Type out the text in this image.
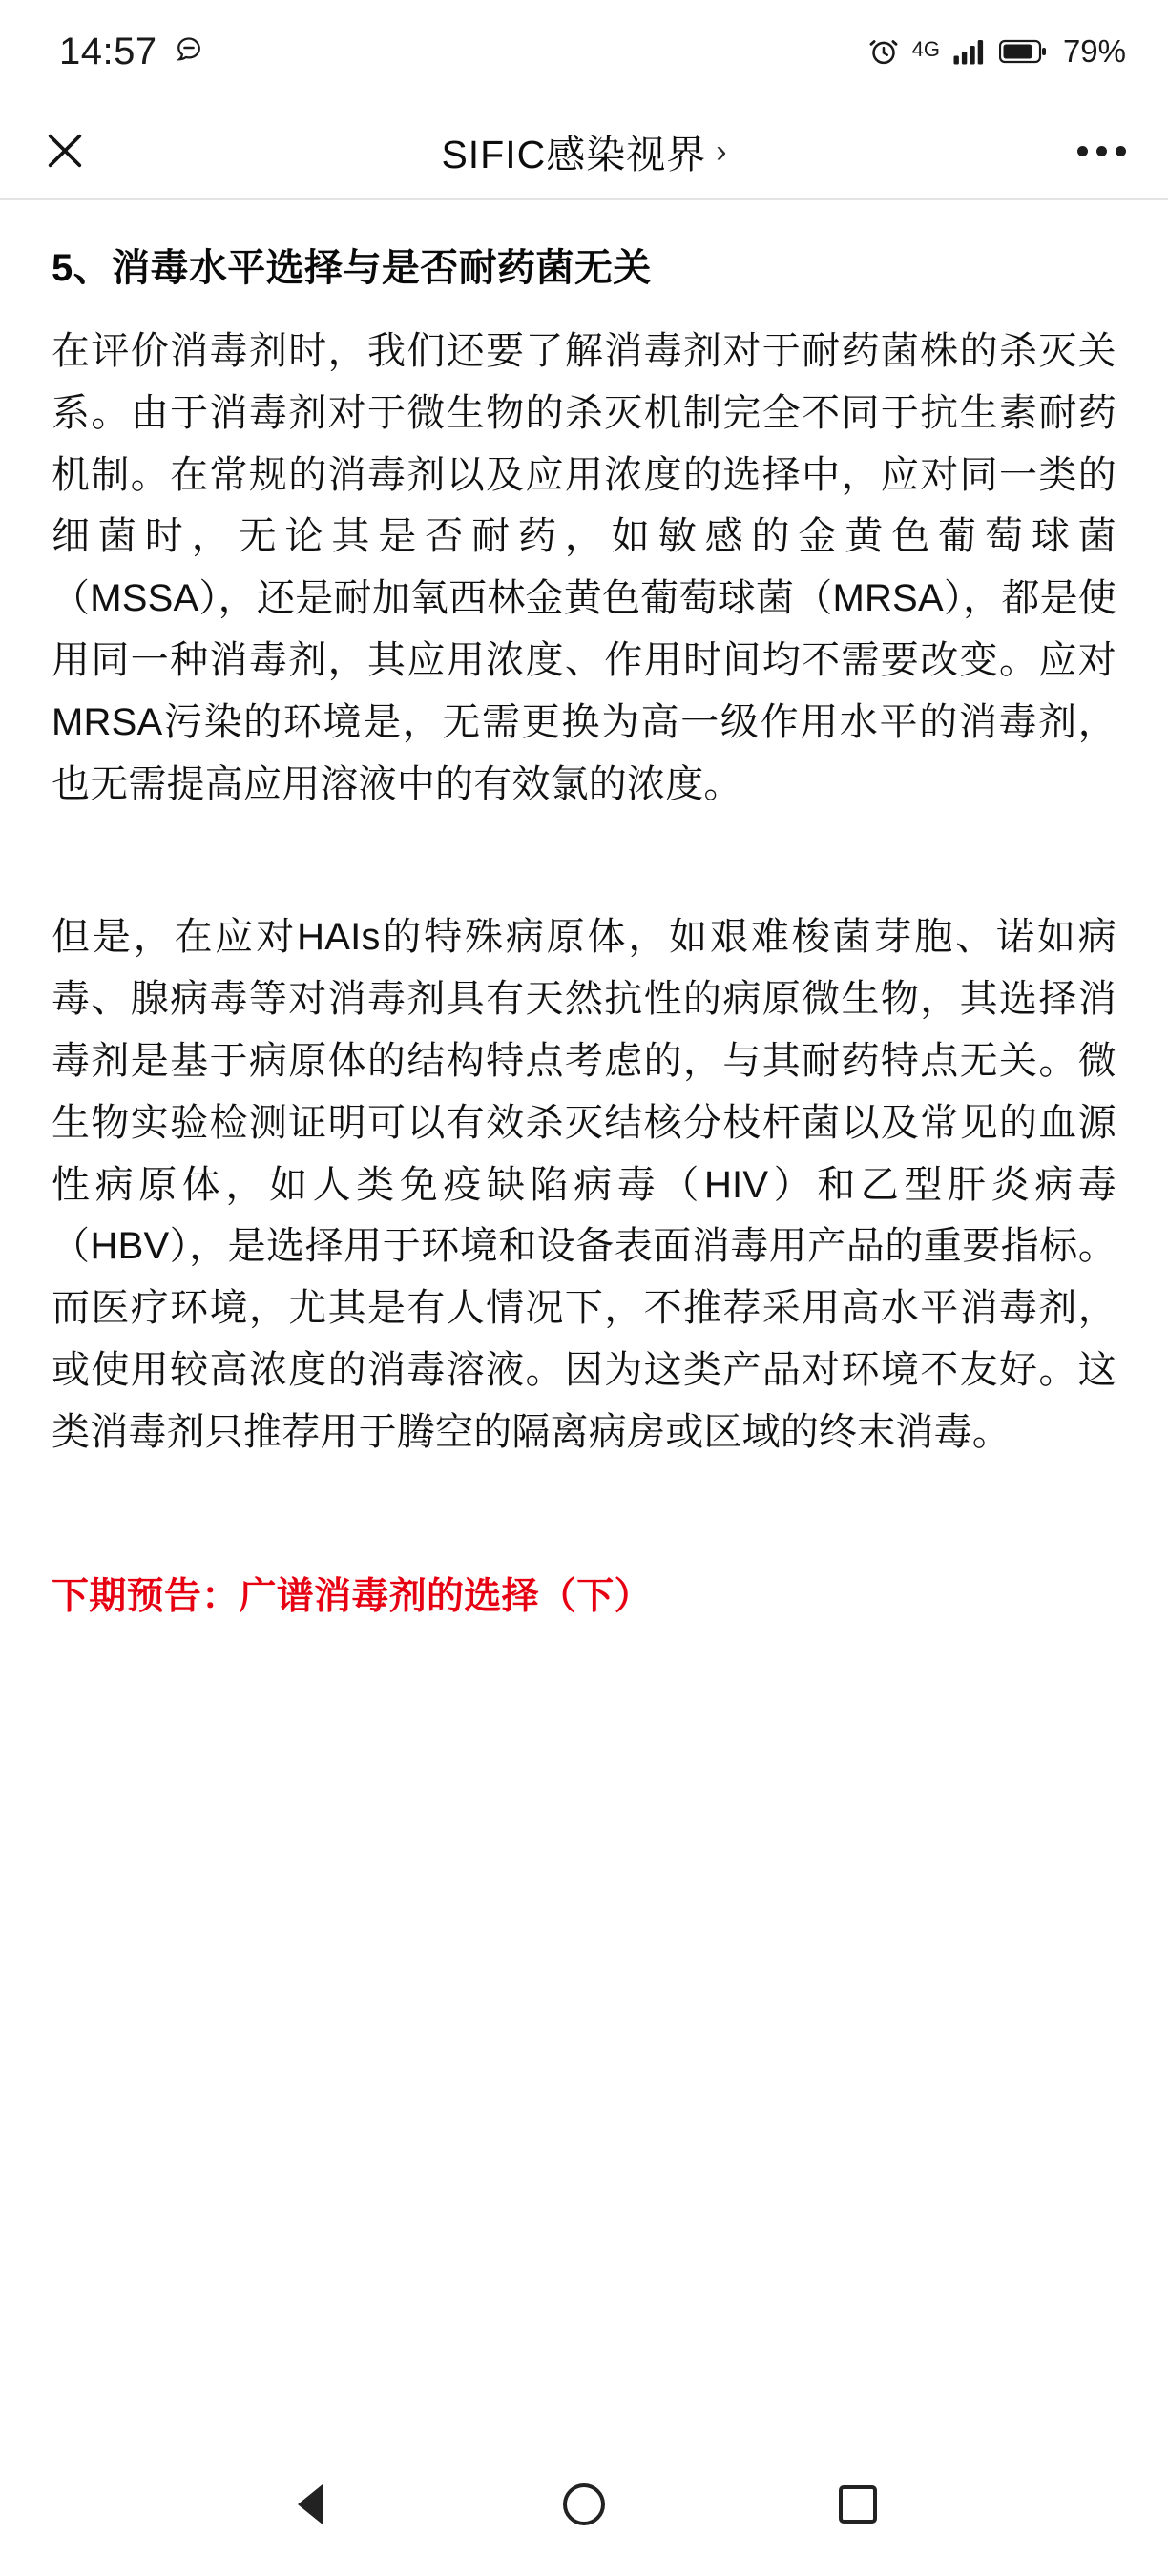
14:57	4G	79%
SIFIC感染视界 ›
5、消毒水平选择与是否耐药菌无关

在评价消毒剂时，我们还要了解消毒剂对于耐药菌株的杀灭关系。由于消毒剂对于微生物的杀灭机制完全不同于抗生素耐药机制。在常规的消毒剂以及应用浓度的选择中，应对同一类的细菌时，无论其是否耐药，如敏感的金黄色葡萄球菌（MSSA），还是耐加氧西林金黄色葡萄球菌（MRSA），都是使用同一种消毒剂，其应用浓度、作用时间均不需要改变。应对MRSA污染的环境是，无需更换为高一级作用水平的消毒剂，也无需提高应用溶液中的有效氯的浓度。

但是，在应对HAIs的特殊病原体，如艰难梭菌芽胞、诺如病毒、腺病毒等对消毒剂具有天然抗性的病原微生物，其选择消毒剂是基于病原体的结构特点考虑的，与其耐药特点无关。微生物实验检测证明可以有效杀灭结核分枝杆菌以及常见的血源性病原体，如人类免疫缺陷病毒（HIV）和乙型肝炎病毒（HBV），是选择用于环境和设备表面消毒用产品的重要指标。而医疗环境，尤其是有人情况下，不推荐采用高水平消毒剂，或使用较高浓度的消毒溶液。因为这类产品对环境不友好。这类消毒剂只推荐用于腾空的隔离病房或区域的终末消毒。

下期预告：广谱消毒剂的选择（下）
